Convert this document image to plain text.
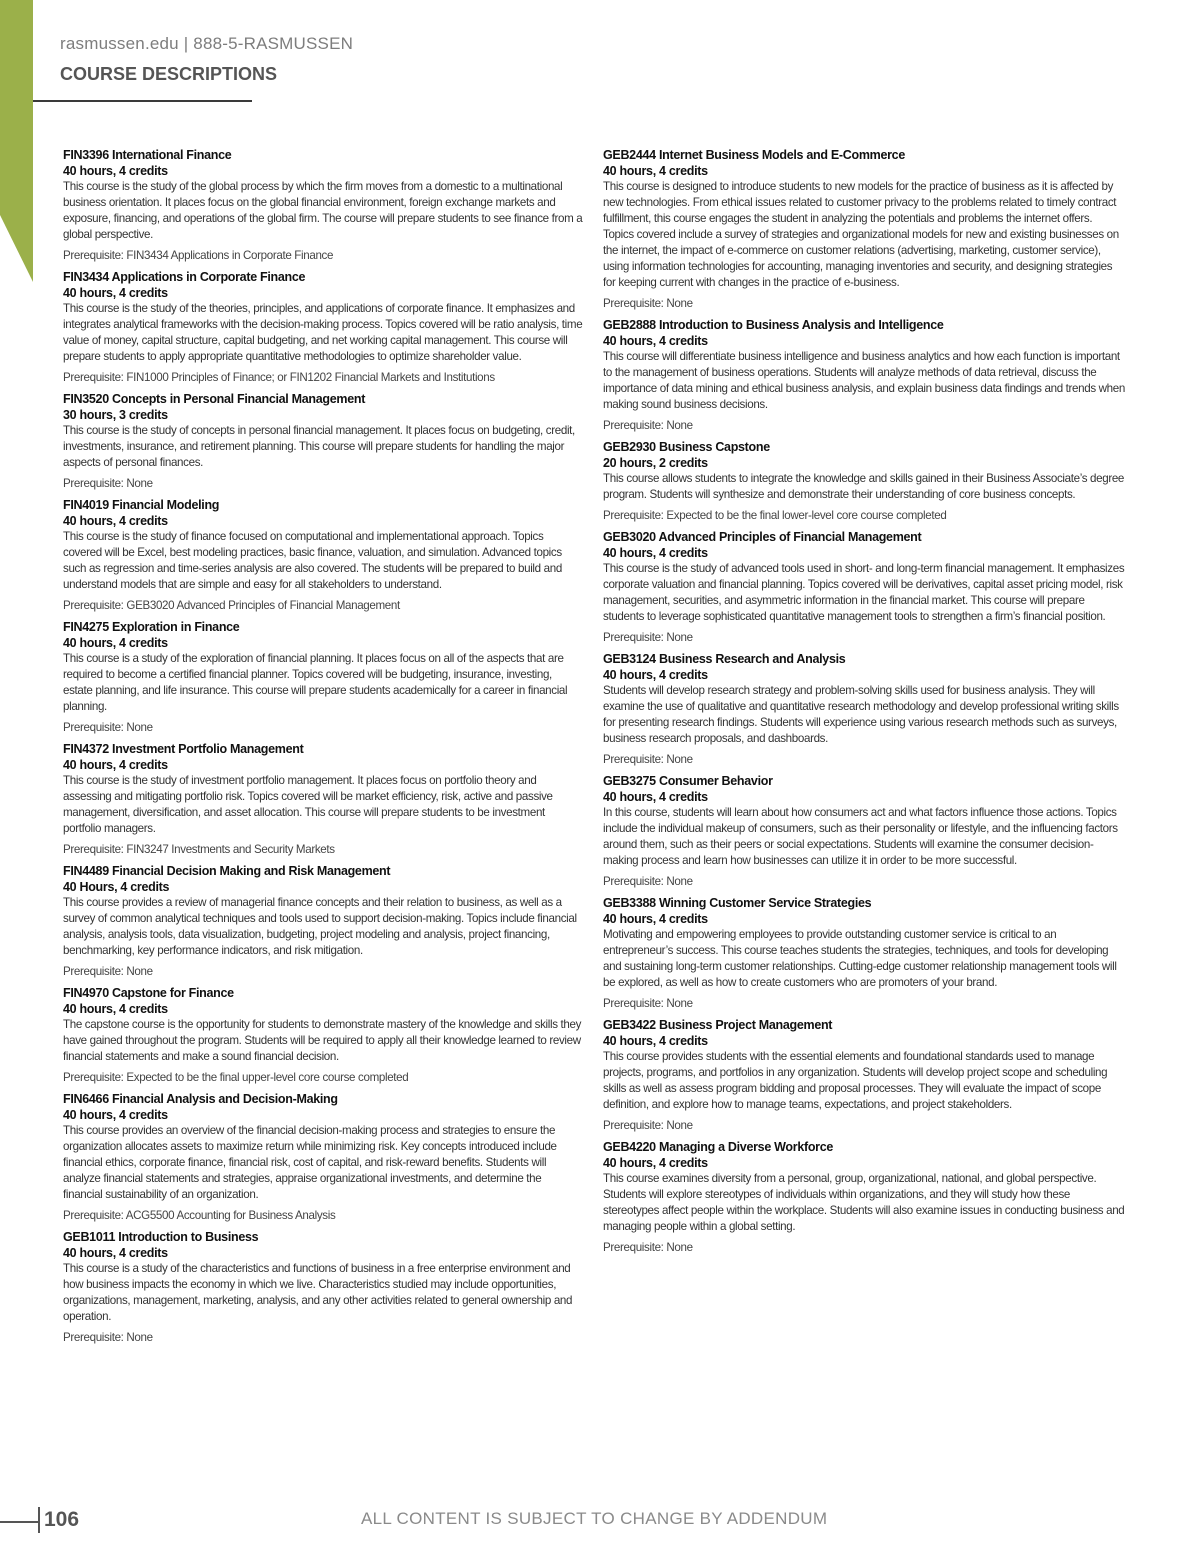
rasmussen.edu | 888-5-RASMUSSEN
COURSE DESCRIPTIONS
FIN3396 International Finance
40 hours, 4 credits

This course is the study of the global process by which the firm moves from a domestic to a multinational business orientation. It places focus on the global financial environment, foreign exchange markets and exposure, financing, and operations of the global firm. The course will prepare students to see finance from a global perspective.

Prerequisite: FIN3434 Applications in Corporate Finance

FIN3434 Applications in Corporate Finance
40 hours, 4 credits

This course is the study of the theories, principles, and applications of corporate finance. It emphasizes and integrates analytical frameworks with the decision-making process. Topics covered will be ratio analysis, time value of money, capital structure, capital budgeting, and net working capital management. This course will prepare students to apply appropriate quantitative methodologies to optimize shareholder value.

Prerequisite: FIN1000 Principles of Finance; or FIN1202 Financial Markets and Institutions

FIN3520 Concepts in Personal Financial Management
30 hours, 3 credits

This course is the study of concepts in personal financial management. It places focus on budgeting, credit, investments, insurance, and retirement planning. This course will prepare students for handling the major aspects of personal finances.

Prerequisite: None

FIN4019 Financial Modeling
40 hours, 4 credits

This course is the study of finance focused on computational and implementational approach. Topics covered will be Excel, best modeling practices, basic finance, valuation, and simulation. Advanced topics such as regression and time-series analysis are also covered. The students will be prepared to build and understand models that are simple and easy for all stakeholders to understand.

Prerequisite: GEB3020 Advanced Principles of Financial Management

FIN4275 Exploration in Finance
40 hours, 4 credits

This course is a study of the exploration of financial planning. It places focus on all of the aspects that are required to become a certified financial planner. Topics covered will be budgeting, insurance, investing, estate planning, and life insurance. This course will prepare students academically for a career in financial planning.

Prerequisite: None

FIN4372 Investment Portfolio Management
40 hours, 4 credits

This course is the study of investment portfolio management. It places focus on portfolio theory and assessing and mitigating portfolio risk. Topics covered will be market efficiency, risk, active and passive management, diversification, and asset allocation. This course will prepare students to be investment portfolio managers.

Prerequisite: FIN3247 Investments and Security Markets

FIN4489 Financial Decision Making and Risk Management
40 Hours, 4 credits

This course provides a review of managerial finance concepts and their relation to business, as well as a survey of common analytical techniques and tools used to support decision-making. Topics include financial analysis, analysis tools, data visualization, budgeting, project modeling and analysis, project financing, benchmarking, key performance indicators, and risk mitigation.

Prerequisite: None

FIN4970 Capstone for Finance
40 hours, 4 credits

The capstone course is the opportunity for students to demonstrate mastery of the knowledge and skills they have gained throughout the program. Students will be required to apply all their knowledge learned to review financial statements and make a sound financial decision.

Prerequisite: Expected to be the final upper-level core course completed

FIN6466 Financial Analysis and Decision-Making
40 hours, 4 credits

This course provides an overview of the financial decision-making process and strategies to ensure the organization allocates assets to maximize return while minimizing risk. Key concepts introduced include financial ethics, corporate finance, financial risk, cost of capital, and risk-reward benefits. Students will analyze financial statements and strategies, appraise organizational investments, and determine the financial sustainability of an organization.

Prerequisite: ACG5500 Accounting for Business Analysis

GEB1011 Introduction to Business
40 hours, 4 credits

This course is a study of the characteristics and functions of business in a free enterprise environment and how business impacts the economy in which we live. Characteristics studied may include opportunities, organizations, management, marketing, analysis, and any other activities related to general ownership and operation.

Prerequisite: None

GEB2444 Internet Business Models and E-Commerce
40 hours, 4 credits

This course is designed to introduce students to new models for the practice of business as it is affected by new technologies. From ethical issues related to customer privacy to the problems related to timely contract fulfillment, this course engages the student in analyzing the potentials and problems the internet offers. Topics covered include a survey of strategies and organizational models for new and existing businesses on the internet, the impact of e-commerce on customer relations (advertising, marketing, customer service), using information technologies for accounting, managing inventories and security, and designing strategies for keeping current with changes in the practice of e-business.

Prerequisite: None

GEB2888 Introduction to Business Analysis and Intelligence
40 hours, 4 credits

This course will differentiate business intelligence and business analytics and how each function is important to the management of business operations. Students will analyze methods of data retrieval, discuss the importance of data mining and ethical business analysis, and explain business data findings and trends when making sound business decisions.

Prerequisite: None

GEB2930 Business Capstone
20 hours, 2 credits

This course allows students to integrate the knowledge and skills gained in their Business Associate’s degree program. Students will synthesize and demonstrate their understanding of core business concepts.

Prerequisite: Expected to be the final lower-level core course completed

GEB3020 Advanced Principles of Financial Management
40 hours, 4 credits

This course is the study of advanced tools used in short- and long-term financial management. It emphasizes corporate valuation and financial planning. Topics covered will be derivatives, capital asset pricing model, risk management, securities, and asymmetric information in the financial market. This course will prepare students to leverage sophisticated quantitative management tools to strengthen a firm’s financial position.

Prerequisite: None

GEB3124 Business Research and Analysis
40 hours, 4 credits

Students will develop research strategy and problem-solving skills used for business analysis. They will examine the use of qualitative and quantitative research methodology and develop professional writing skills for presenting research findings. Students will experience using various research methods such as surveys, business research proposals, and dashboards.

Prerequisite: None

GEB3275 Consumer Behavior
40 hours, 4 credits

In this course, students will learn about how consumers act and what factors influence those actions. Topics include the individual makeup of consumers, such as their personality or lifestyle, and the influencing factors around them, such as their peers or social expectations. Students will examine the consumer decision-making process and learn how businesses can utilize it in order to be more successful.

Prerequisite: None

GEB3388 Winning Customer Service Strategies
40 hours, 4 credits

Motivating and empowering employees to provide outstanding customer service is critical to an entrepreneur’s success. This course teaches students the strategies, techniques, and tools for developing and sustaining long-term customer relationships. Cutting-edge customer relationship management tools will be explored, as well as how to create customers who are promoters of your brand.

Prerequisite: None

GEB3422 Business Project Management
40 hours, 4 credits

This course provides students with the essential elements and foundational standards used to manage projects, programs, and portfolios in any organization. Students will develop project scope and scheduling skills as well as assess program bidding and proposal processes. They will evaluate the impact of scope definition, and explore how to manage teams, expectations, and project stakeholders.

Prerequisite: None

GEB4220 Managing a Diverse Workforce
40 hours, 4 credits

This course examines diversity from a personal, group, organizational, national, and global perspective. Students will explore stereotypes of individuals within organizations, and they will study how these stereotypes affect people within the workplace. Students will also examine issues in conducting business and managing people within a global setting.

Prerequisite: None

106	ALL CONTENT IS SUBJECT TO CHANGE BY ADDENDUM
